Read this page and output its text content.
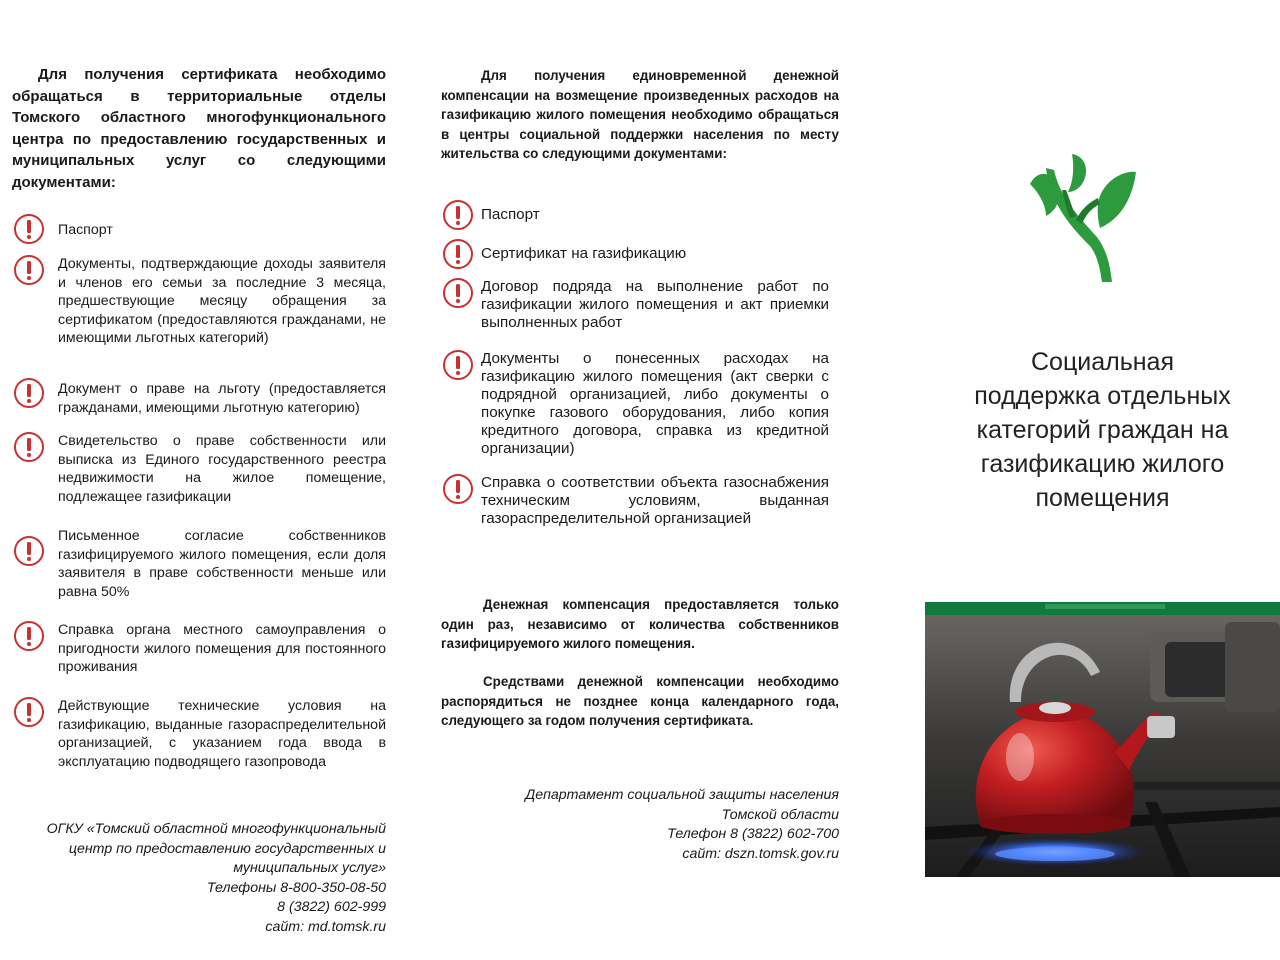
Для получения сертификата необходимо обращаться в территориальные отделы Томского областного многофункционального центра по предоставлению государственных и муниципальных услуг со следующими документами:

Паспорт
Документы, подтверждающие доходы заявителя и членов его семьи за последние 3 месяца, предшествующие месяцу обращения за сертификатом (предоставляются гражданами, не имеющими льготных категорий)
Документ о праве на льготу (предоставляется гражданами, имеющими льготную категорию)
Свидетельство о праве собственности или выписка из Единого государственного реестра недвижимости на жилое помещение, подлежащее газификации
Письменное согласие собственников газифицируемого жилого помещения, если доля заявителя в праве собственности меньше или равна 50%
Справка органа местного самоуправления о пригодности жилого помещения для постоянного проживания
Действующие технические условия на газификацию, выданные газораспределительной организацией, с указанием года ввода в эксплуатацию подводящего газопровода
ОГКУ «Томский областной многофункциональный
центр по предоставлению государственных и
муниципальных услуг»
Телефоны 8-800-350-08-50
8 (3822) 602-999
сайт: md.tomsk.ru

Для получения единовременной денежной компенсации на возмещение произведенных расходов на газификацию жилого помещения необходимо обращаться в центры социальной поддержки населения по месту жительства со следующими документами:

Паспорт
Сертификат на газификацию
Договор подряда на выполнение работ по газификации жилого помещения и акт приемки выполненных работ
Документы о понесенных расходах на газификацию жилого помещения (акт сверки с подрядной организацией, либо документы о покупке газового оборудования, либо копия кредитного договора, справка из кредитной организации)
Справка о соответствии объекта газоснабжения техническим условиям, выданная газораспределительной организацией

Денежная компенсация предоставляется только один раз, независимо от количества собственников газифицируемого жилого помещения.

Средствами денежной компенсации необходимо распорядиться не позднее конца календарного года, следующего за годом получения сертификата.

Департамент социальной защиты населения
Томской области
Телефон 8 (3822) 602-700
сайт: dszn.tomsk.gov.ru
Социальная
поддержка отдельных
категорий граждан на
газификацию жилого
помещения
